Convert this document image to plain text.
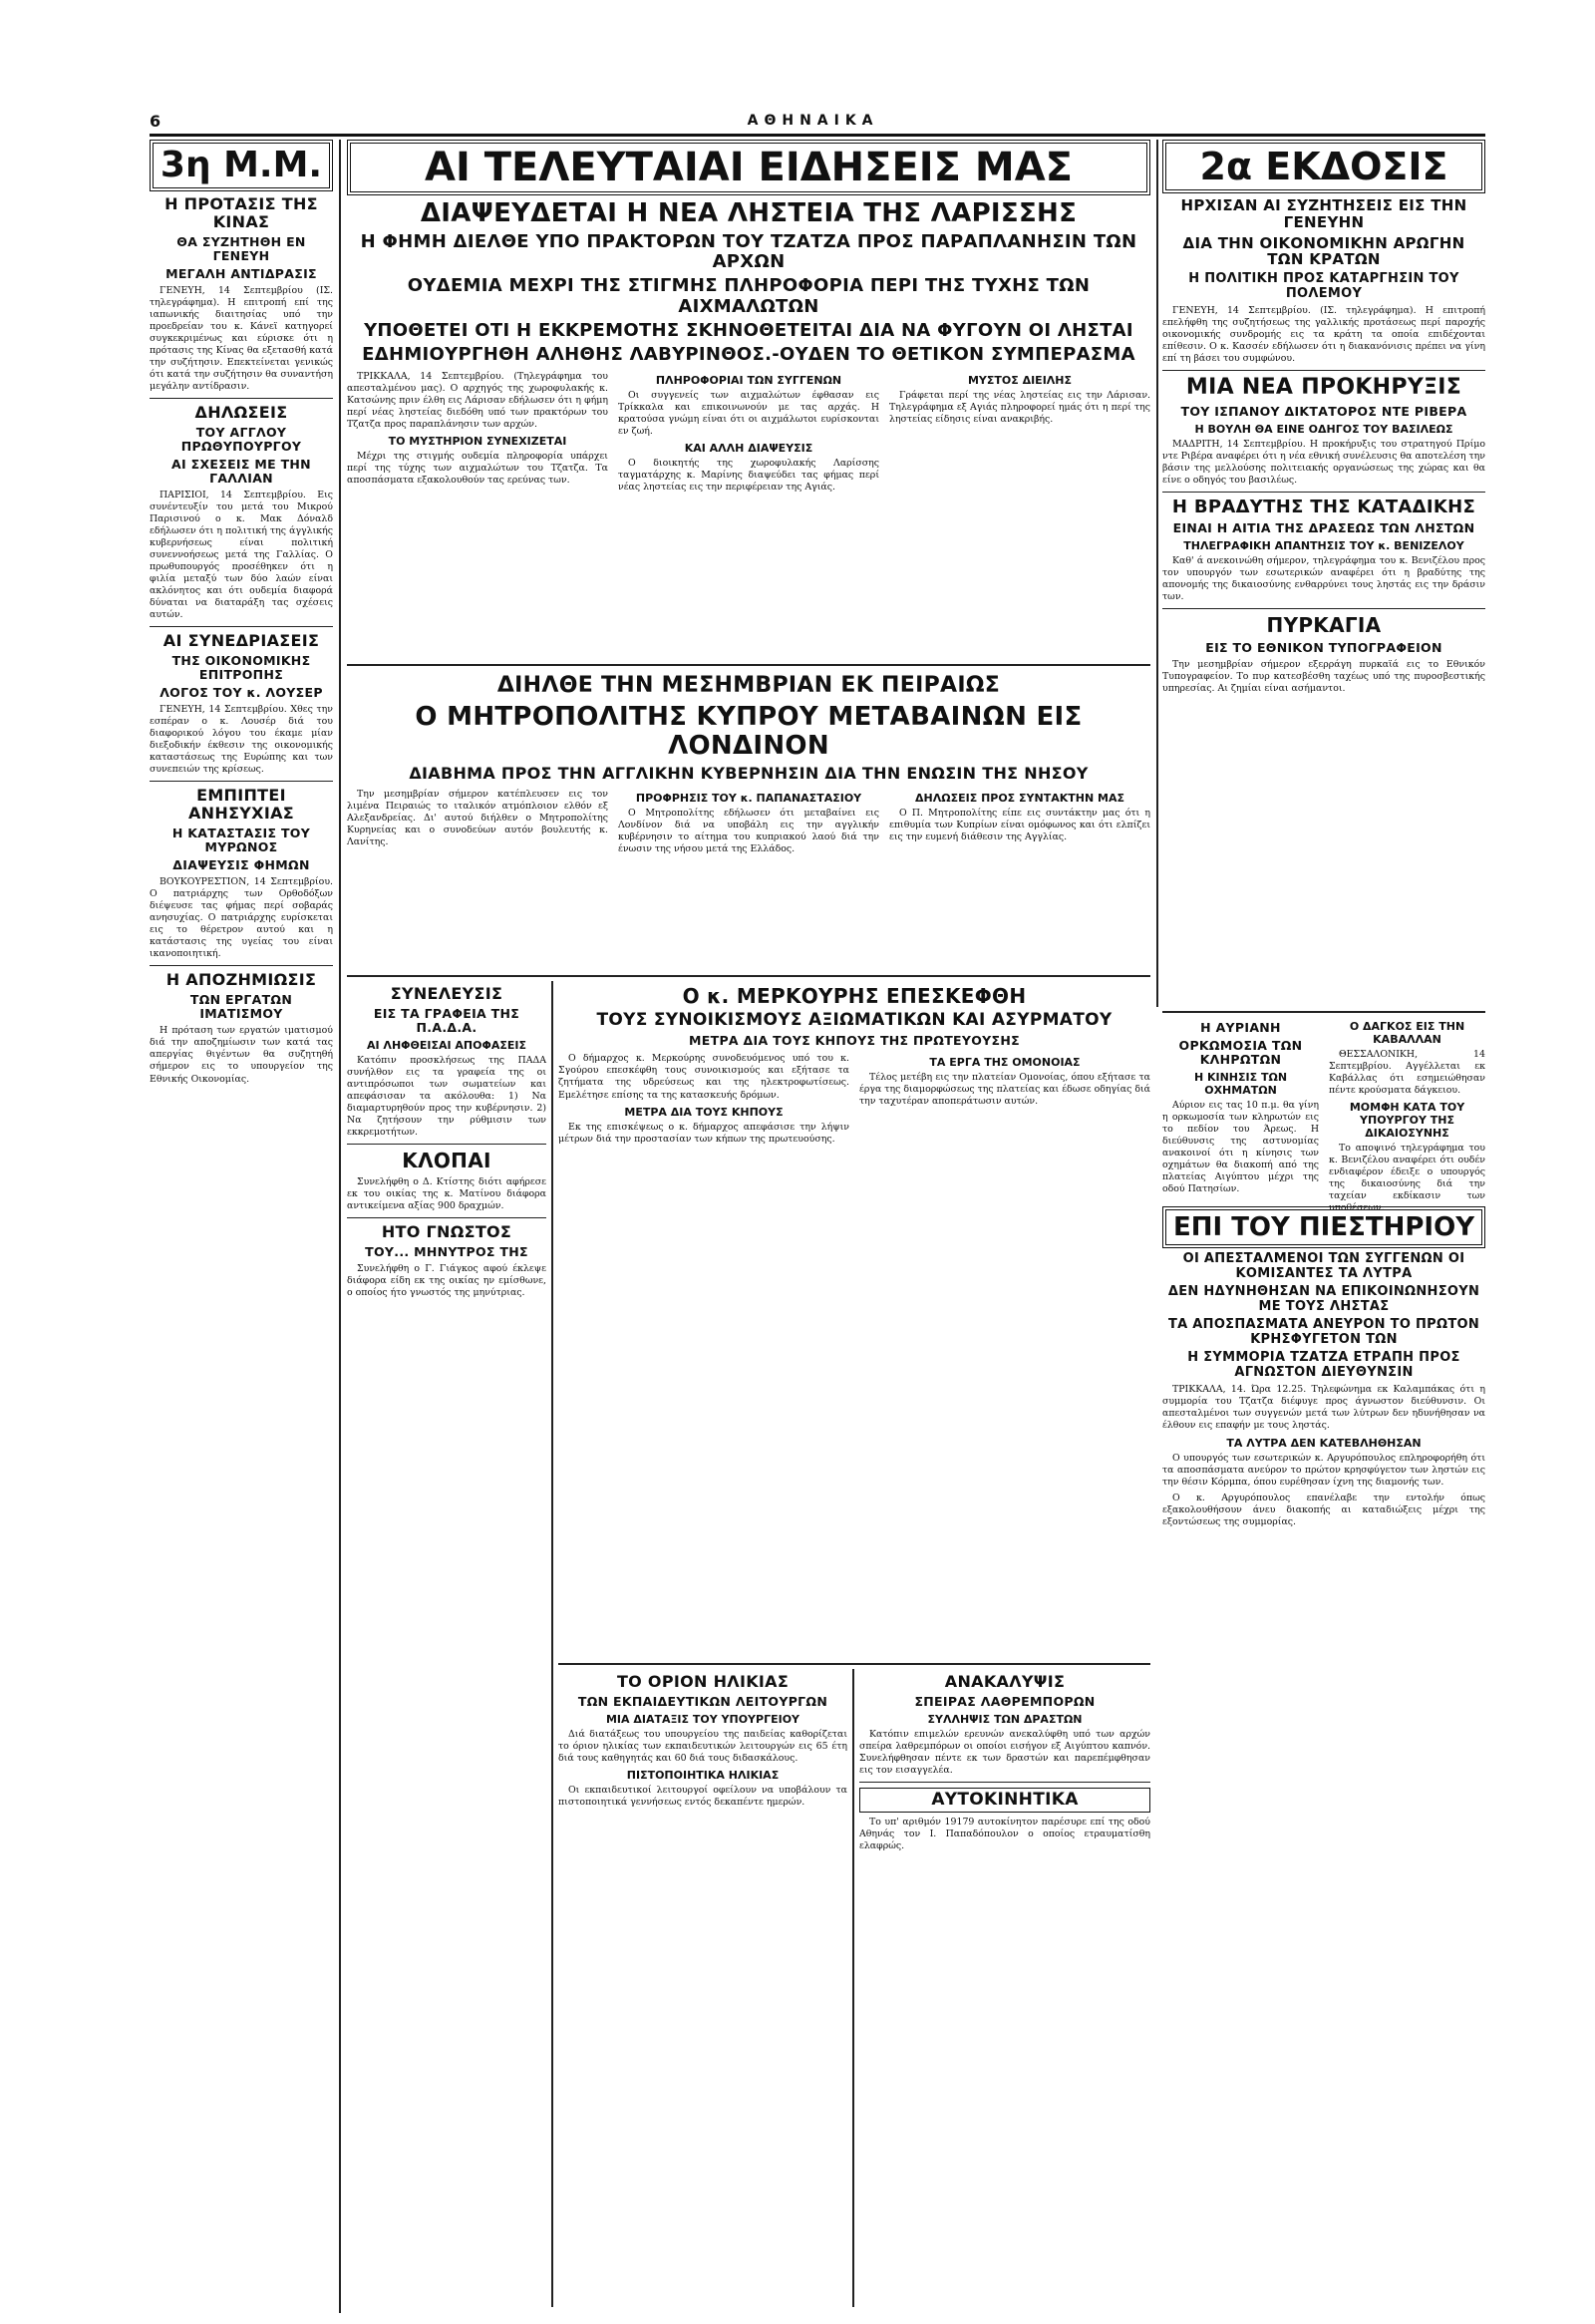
6	ΑΘΗΝΑΙΚΑ
3η Μ.Μ.
Η ΠΡΟΤΑΣΙΣ ΤΗΣ ΚΙΝΑΣ
ΘΑ ΣΥΖΗΤΗΘΗ ΕΝ ΓΕΝΕΥΗ
ΜΕΓΑΛΗ ΑΝΤΙΔΡΑΣΙΣ

ΓΕΝΕΥΗ, 14 Σεπτεμβρίου (ΙΣ. τηλεγράφημα). Η επιτροπή επί της ιαπωνικής διαιτησίας υπό την προεδρείαν του κ. Κάνεϊ κατηγορεί συγκεκριμένως και εύρισκε ότι η πρότασις της Κίνας θα εξετασθή κατά την συζήτησιν. Επεκτείνεται γενικώς ότι κατά την συζήτησιν θα συναντήση μεγάλην αντίδρασιν.

ΔΗΛΩΣΕΙΣ
ΤΟΥ ΑΓΓΛΟΥ ΠΡΩΘΥΠΟΥΡΓΟΥ
ΑΙ ΣΧΕΣΕΙΣ ΜΕ ΤΗΝ ΓΑΛΛΙΑΝ

ΠΑΡΙΣΙΟΙ, 14 Σεπτεμβρίου. Εις συνέντευξίν του μετά του Μικρού Παρισινού ο κ. Μακ Δόναλδ εδήλωσεν ότι η πολιτική της άγγλικής κυβερνήσεως είναι πολιτική συνεννοήσεως μετά της Γαλλίας. Ο πρωθυπουργός προσέθηκεν ότι η φιλία μεταξύ των δύο λαών είναι ακλόνητος και ότι ουδεμία διαφορά δύναται να διαταράξη τας σχέσεις αυτών.

ΑΙ ΣΥΝΕΔΡΙΑΣΕΙΣ
ΤΗΣ ΟΙΚΟΝΟΜΙΚΗΣ ΕΠΙΤΡΟΠΗΣ
ΛΟΓΟΣ ΤΟΥ κ. ΛΟΥΣΕΡ

ΓΕΝΕΥΗ, 14 Σεπτεμβρίου. Χθες την εσπέραν ο κ. Λουσέρ διά του διαφορικού λόγου του έκαμε μίαν διεξοδικήν έκθεσιν της οικονομικής καταστάσεως της Ευρώπης και των συνεπειών της κρίσεως.

ΕΜΠΙΠΤΕΙ ΑΝΗΣΥΧΙΑΣ
Η ΚΑΤΑΣΤΑΣΙΣ ΤΟΥ ΜΥΡΩΝΟΣ
ΔΙΑΨΕΥΣΙΣ ΦΗΜΩΝ

ΒΟΥΚΟΥΡΕΣΤΙΟΝ, 14 Σεπτεμβρίου. Ο πατριάρχης των Ορθοδόξων διέψευσε τας φήμας περί σοβαράς ανησυχίας. Ο πατριάρχης ευρίσκεται εις το θέρετρον αυτού και η κατάστασις της υγείας του είναι ικανοποιητική.

Η ΑΠΟΖΗΜΙΩΣΙΣ
ΤΩΝ ΕΡΓΑΤΩΝ ΙΜΑΤΙΣΜΟΥ

Η πρόταση των εργατών ιματισμού διά την αποζημίωσιν των κατά τας απεργίας θιγέντων θα συζητηθή σήμερον εις το υπουργείον της Εθνικής Οικονομίας.

ΑΙ ΤΕΛΕΥΤΑΙΑΙ ΕΙΔΗΣΕΙΣ ΜΑΣ
ΔΙΑΨΕΥΔΕΤΑΙ Η ΝΕΑ ΛΗΣΤΕΙΑ ΤΗΣ ΛΑΡΙΣΣΗΣ
Η ΦΗΜΗ ΔΙΕΛΘΕ ΥΠΟ ΠΡΑΚΤΟΡΩΝ ΤΟΥ ΤΖΑΤΖΑ ΠΡΟΣ ΠΑΡΑΠΛΑΝΗΣΙΝ ΤΩΝ ΑΡΧΩΝ
ΟΥΔΕΜΙΑ ΜΕΧΡΙ ΤΗΣ ΣΤΙΓΜΗΣ ΠΛΗΡΟΦΟΡΙΑ ΠΕΡΙ ΤΗΣ ΤΥΧΗΣ ΤΩΝ ΑΙΧΜΑΛΩΤΩΝ
ΥΠΟΘΕΤΕΙ ΟΤΙ Η ΕΚΚΡΕΜΟΤΗΣ ΣΚΗΝΟΘΕΤΕΙΤΑΙ ΔΙΑ ΝΑ ΦΥΓΟΥΝ ΟΙ ΛΗΣΤΑΙ
ΕΔΗΜΙΟΥΡΓΗΘΗ ΑΛΗΘΗΣ ΛΑΒΥΡΙΝΘΟΣ.-ΟΥΔΕΝ ΤΟ ΘΕΤΙΚΟΝ ΣΥΜΠΕΡΑΣΜΑ

ΤΡΙΚΚΑΛΑ, 14 Σεπτεμβρίου. (Τηλεγράφημα του απεσταλμένου μας). Ο αρχηγός της χωροφυλακής κ. Κατσώνης πριν έλθη εις Λάρισαν εδήλωσεν ότι η φήμη περί νέας ληστείας διεδόθη υπό των πρακτόρων του Τζατζα προς παραπλάνησιν των αρχών.

ΤΟ ΜΥΣΤΗΡΙΟΝ ΣΥΝΕΧΙΖΕΤΑΙ

Μέχρι της στιγμής ουδεμία πληροφορία υπάρχει περί της τύχης των αιχμαλώτων του Τζατζα. Τα αποσπάσματα εξακολουθούν τας ερεύνας των.

ΠΛΗΡΟΦΟΡΙΑΙ ΤΩΝ ΣΥΓΓΕΝΩΝ

Οι συγγενείς των αιχμαλώτων έφθασαν εις Τρίκκαλα και επικοινωνούν με τας αρχάς. Η κρατούσα γνώμη είναι ότι οι αιχμάλωτοι ευρίσκονται εν ζωή.

ΚΑΙ ΑΛΛΗ ΔΙΑΨΕΥΣΙΣ

Ο διοικητής της χωροφυλακής Λαρίσσης ταγματάρχης κ. Μαρίνης διαψεύδει τας φήμας περί νέας ληστείας εις την περιφέρειαν της Αγιάς.

ΜΥΣΤΟΣ ΔΙΕΙΛΗΣ

Γράφεται περί της νέας ληστείας εις την Λάρισαν. Τηλεγράφημα εξ Αγιάς πληροφορεί ημάς ότι η περί της ληστείας είδησις είναι ανακριβής.

ΔΙΗΛΘΕ ΤΗΝ ΜΕΣΗΜΒΡΙΑΝ ΕΚ ΠΕΙΡΑΙΩΣ
Ο ΜΗΤΡΟΠΟΛΙΤΗΣ ΚΥΠΡΟΥ ΜΕΤΑΒΑΙΝΩΝ ΕΙΣ ΛΟΝΔΙΝΟΝ
ΔΙΑΒΗΜΑ ΠΡΟΣ ΤΗΝ ΑΓΓΛΙΚΗΝ ΚΥΒΕΡΝΗΣΙΝ ΔΙΑ ΤΗΝ ΕΝΩΣΙΝ ΤΗΣ ΝΗΣΟΥ

Την μεσημβρίαν σήμερον κατέπλευσεν εις τον λιμένα Πειραιώς το ιταλικόν ατμόπλοιον ελθόν εξ Αλεξανδρείας. Δι' αυτού διήλθεν ο Μητροπολίτης Κυρηνείας και ο συνοδεύων αυτόν βουλευτής κ. Λανίτης.

ΠΡΟΦΡΗΣΙΣ ΤΟΥ κ. ΠΑΠΑΝΑΣΤΑΣΙΟΥ

Ο Μητροπολίτης εδήλωσεν ότι μεταβαίνει εις Λονδίνον διά να υποβάλη εις την αγγλικήν κυβέρνησιν το αίτημα του κυπριακού λαού διά την ένωσιν της νήσου μετά της Ελλάδος.

ΔΗΛΩΣΕΙΣ ΠΡΟΣ ΣΥΝΤΑΚΤΗΝ ΜΑΣ

Ο Π. Μητροπολίτης είπε εις συντάκτην μας ότι η επιθυμία των Κυπρίων είναι ομόφωνος και ότι ελπίζει εις την ευμενή διάθεσιν της Αγγλίας.

ΣΥΝΕΛΕΥΣΙΣ
ΕΙΣ ΤΑ ΓΡΑΦΕΙΑ ΤΗΣ Π.Α.Δ.Α.
ΑΙ ΛΗΦΘΕΙΣΑΙ ΑΠΟΦΑΣΕΙΣ

Κατόπιν προσκλήσεως της ΠΑΔΑ συνήλθον εις τα γραφεία της οι αντιπρόσωποι των σωματείων και απεφάσισαν τα ακόλουθα: 1) Να διαμαρτυρηθούν προς την κυβέρνησιν. 2) Να ζητήσουν την ρύθμισιν των εκκρεμοτήτων.

ΚΛΟΠΑΙ

Συνελήφθη ο Δ. Κτίστης διότι αφήρεσε εκ του οικίας της κ. Ματίνου διάφορα αντικείμενα αξίας 900 δραχμών.

ΗΤΟ ΓΝΩΣΤΟΣ
ΤΟΥ... ΜΗΝΥΤΡΟΣ ΤΗΣ

Συνελήφθη ο Γ. Γιάγκος αφού έκλεψε διάφορα είδη εκ της οικίας ην εμίσθωνε, ο οποίος ήτο γνωστός της μηνύτριας.

Ο κ. ΜΕΡΚΟΥΡΗΣ ΕΠΕΣΚΕΦΘΗ
ΤΟΥΣ ΣΥΝΟΙΚΙΣΜΟΥΣ ΑΞΙΩΜΑΤΙΚΩΝ ΚΑΙ ΑΣΥΡΜΑΤΟΥ
ΜΕΤΡΑ ΔΙΑ ΤΟΥΣ ΚΗΠΟΥΣ ΤΗΣ ΠΡΩΤΕΥΟΥΣΗΣ

Ο δήμαρχος κ. Μερκούρης συνοδευόμενος υπό του κ. Σγούρου επεσκέφθη τους συνοικισμούς και εξήτασε τα ζητήματα της υδρεύσεως και της ηλεκτροφωτίσεως. Εμελέτησε επίσης τα της κατασκευής δρόμων.

ΜΕΤΡΑ ΔΙΑ ΤΟΥΣ ΚΗΠΟΥΣ

Εκ της επισκέψεως ο κ. δήμαρχος απεφάσισε την λήψιν μέτρων διά την προστασίαν των κήπων της πρωτευούσης.

ΤΑ ΕΡΓΑ ΤΗΣ ΟΜΟΝΟΙΑΣ

Τέλος μετέβη εις την πλατείαν Ομονοίας, όπου εξήτασε τα έργα της διαμορφώσεως της πλατείας και έδωσε οδηγίας διά την ταχυτέραν αποπεράτωσιν αυτών.

ΤΟ ΟΡΙΟΝ ΗΛΙΚΙΑΣ
ΤΩΝ ΕΚΠΑΙΔΕΥΤΙΚΩΝ ΛΕΙΤΟΥΡΓΩΝ
ΜΙΑ ΔΙΑΤΑΞΙΣ ΤΟΥ ΥΠΟΥΡΓΕΙΟΥ

Διά διατάξεως του υπουργείου της παιδείας καθορίζεται το όριον ηλικίας των εκπαιδευτικών λειτουργών εις 65 έτη διά τους καθηγητάς και 60 διά τους διδασκάλους.

ΠΙΣΤΟΠΟΙΗΤΙΚΑ ΗΛΙΚΙΑΣ

Οι εκπαιδευτικοί λειτουργοί οφείλουν να υποβάλουν τα πιστοποιητικά γεννήσεως εντός δεκαπέντε ημερών.

ΑΝΑΚΑΛΥΨΙΣ
ΣΠΕΙΡΑΣ ΛΑΘΡΕΜΠΟΡΩΝ
ΣΥΛΛΗΨΙΣ ΤΩΝ ΔΡΑΣΤΩΝ

Κατόπιν επιμελών ερευνών ανεκαλύφθη υπό των αρχών σπείρα λαθρεμπόρων οι οποίοι εισήγον εξ Αιγύπτου καπνόν. Συνελήφθησαν πέντε εκ των δραστών και παρεπέμφθησαν εις τον εισαγγελέα.

ΑΥΤΟΚΙΝΗΤΙΚΑ

Το υπ' αριθμόν 19179 αυτοκίνητον παρέσυρε επί της οδού Αθηνάς τον Ι. Παπαδόπουλον ο οποίος ετραυματίσθη ελαφρώς.

2α ΕΚΔΟΣΙΣ
ΗΡΧΙΣΑΝ ΑΙ ΣΥΖΗΤΗΣΕΙΣ ΕΙΣ ΤΗΝ ΓΕΝΕΥΗΝ
ΔΙΑ ΤΗΝ ΟΙΚΟΝΟΜΙΚΗΝ ΑΡΩΓΗΝ ΤΩΝ ΚΡΑΤΩΝ
Η ΠΟΛΙΤΙΚΗ ΠΡΟΣ ΚΑΤΑΡΓΗΣΙΝ ΤΟΥ ΠΟΛΕΜΟΥ

ΓΕΝΕΥΗ, 14 Σεπτεμβρίου. (ΙΣ. τηλεγράφημα). Η επιτροπή επελήφθη της συζητήσεως της γαλλικής προτάσεως περί παροχής οικονομικής συνδρομής εις τα κράτη τα οποία επιδέχονται επίθεσιν. Ο κ. Κασσέν εδήλωσεν ότι η διακανόνισις πρέπει να γίνη επί τη βάσει του συμφώνου.

ΜΙΑ ΝΕΑ ΠΡΟΚΗΡΥΞΙΣ
ΤΟΥ ΙΣΠΑΝΟΥ ΔΙΚΤΑΤΟΡΟΣ ΝΤΕ ΡΙΒΕΡΑ
Η ΒΟΥΛΗ ΘΑ ΕΙΝΕ ΟΔΗΓΟΣ ΤΟΥ ΒΑΣΙΛΕΩΣ

ΜΑΔΡΙΤΗ, 14 Σεπτεμβρίου. Η προκήρυξις του στρατηγού Πρίμο ντε Ριβέρα αναφέρει ότι η νέα εθνική συνέλευσις θα αποτελέση την βάσιν της μελλούσης πολιτειακής οργανώσεως της χώρας και θα είνε ο οδηγός του βασιλέως.

Η ΒΡΑΔΥΤΗΣ ΤΗΣ ΚΑΤΑΔΙΚΗΣ
ΕΙΝΑΙ Η ΑΙΤΙΑ ΤΗΣ ΔΡΑΣΕΩΣ ΤΩΝ ΛΗΣΤΩΝ
ΤΗΛΕΓΡΑΦΙΚΗ ΑΠΑΝΤΗΣΙΣ ΤΟΥ κ. ΒΕΝΙΖΕΛΟΥ

Καθ' ά ανεκοινώθη σήμερον, τηλεγράφημα του κ. Βενιζέλου προς τον υπουργόν των εσωτερικών αναφέρει ότι η βραδύτης της απονομής της δικαιοσύνης ενθαρρύνει τους ληστάς εις την δράσιν των.

ΠΥΡΚΑΓΙΑ
ΕΙΣ ΤΟ ΕΘΝΙΚΟΝ ΤΥΠΟΓΡΑΦΕΙΟΝ

Την μεσημβρίαν σήμερον εξερράγη πυρκαϊά εις το Εθνικόν Τυπογραφείον. Το πυρ κατεσβέσθη ταχέως υπό της πυροσβεστικής υπηρεσίας. Αι ζημίαι είναι ασήμαντοι.

Η ΑΥΡΙΑΝΗ
ΟΡΚΩΜΟΣΙΑ ΤΩΝ ΚΛΗΡΩΤΩΝ
Η ΚΙΝΗΣΙΣ ΤΩΝ ΟΧΗΜΑΤΩΝ

Αύριον εις τας 10 π.μ. θα γίνη η ορκωμοσία των κληρωτών εις το πεδίον του Άρεως. Η διεύθυνσις της αστυνομίας ανακοινοί ότι η κίνησις των οχημάτων θα διακοπή από της πλατείας Αιγύπτου μέχρι της οδού Πατησίων.

Ο ΔΑΓΚΟΣ ΕΙΣ ΤΗΝ ΚΑΒΑΛΛΑΝ

ΘΕΣΣΑΛΟΝΙΚΗ, 14 Σεπτεμβρίου. Αγγέλλεται εκ Καβάλλας ότι εσημειώθησαν πέντε κρούσματα δάγκειου.

ΜΟΜΦΗ ΚΑΤΑ ΤΟΥ ΥΠΟΥΡΓΟΥ ΤΗΣ ΔΙΚΑΙΟΣΥΝΗΣ

Το αποψινό τηλεγράφημα του κ. Βενιζέλου αναφέρει ότι ουδέν ενδιαφέρον έδειξε ο υπουργός της δικαιοσύνης διά την ταχείαν εκδίκασιν των υποθέσεων.

ΕΠΙ ΤΟΥ ΠΙΕΣΤΗΡΙΟΥ
ΟΙ ΑΠΕΣΤΑΛΜΕΝΟΙ ΤΩΝ ΣΥΓΓΕΝΩΝ ΟΙ ΚΟΜΙΣΑΝΤΕΣ ΤΑ ΛΥΤΡΑ
ΔΕΝ ΗΔΥΝΗΘΗΣΑΝ ΝΑ ΕΠΙΚΟΙΝΩΝΗΣΟΥΝ ΜΕ ΤΟΥΣ ΛΗΣΤΑΣ
ΤΑ ΑΠΟΣΠΑΣΜΑΤΑ ΑΝΕΥΡΟΝ ΤΟ ΠΡΩΤΟΝ ΚΡΗΣΦΥΓΕΤΟΝ ΤΩΝ
Η ΣΥΜΜΟΡΙΑ ΤΖΑΤΖΑ ΕΤΡΑΠΗ ΠΡΟΣ ΑΓΝΩΣΤΟΝ ΔΙΕΥΘΥΝΣΙΝ

ΤΡΙΚΚΑΛΑ, 14. Ώρα 12.25. Τηλεφώνημα εκ Καλαμπάκας ότι η συμμορία του Τζατζα διέφυγε προς άγνωστον διεύθυνσιν. Οι απεσταλμένοι των συγγενών μετά των λύτρων δεν ηδυνήθησαν να έλθουν εις επαφήν με τους ληστάς.

ΤΑ ΛΥΤΡΑ ΔΕΝ ΚΑΤΕΒΛΗΘΗΣΑΝ

Ο υπουργός των εσωτερικών κ. Αργυρόπουλος επληροφορήθη ότι τα αποσπάσματα ανεύρον το πρώτον κρησφύγετον των ληστών εις την θέσιν Κόρμπα, όπου ευρέθησαν ίχνη της διαμονής των.

Ο κ. Αργυρόπουλος επανέλαβε την εντολήν όπως εξακολουθήσουν άνευ διακοπής αι καταδιώξεις μέχρι της εξοντώσεως της συμμορίας.
